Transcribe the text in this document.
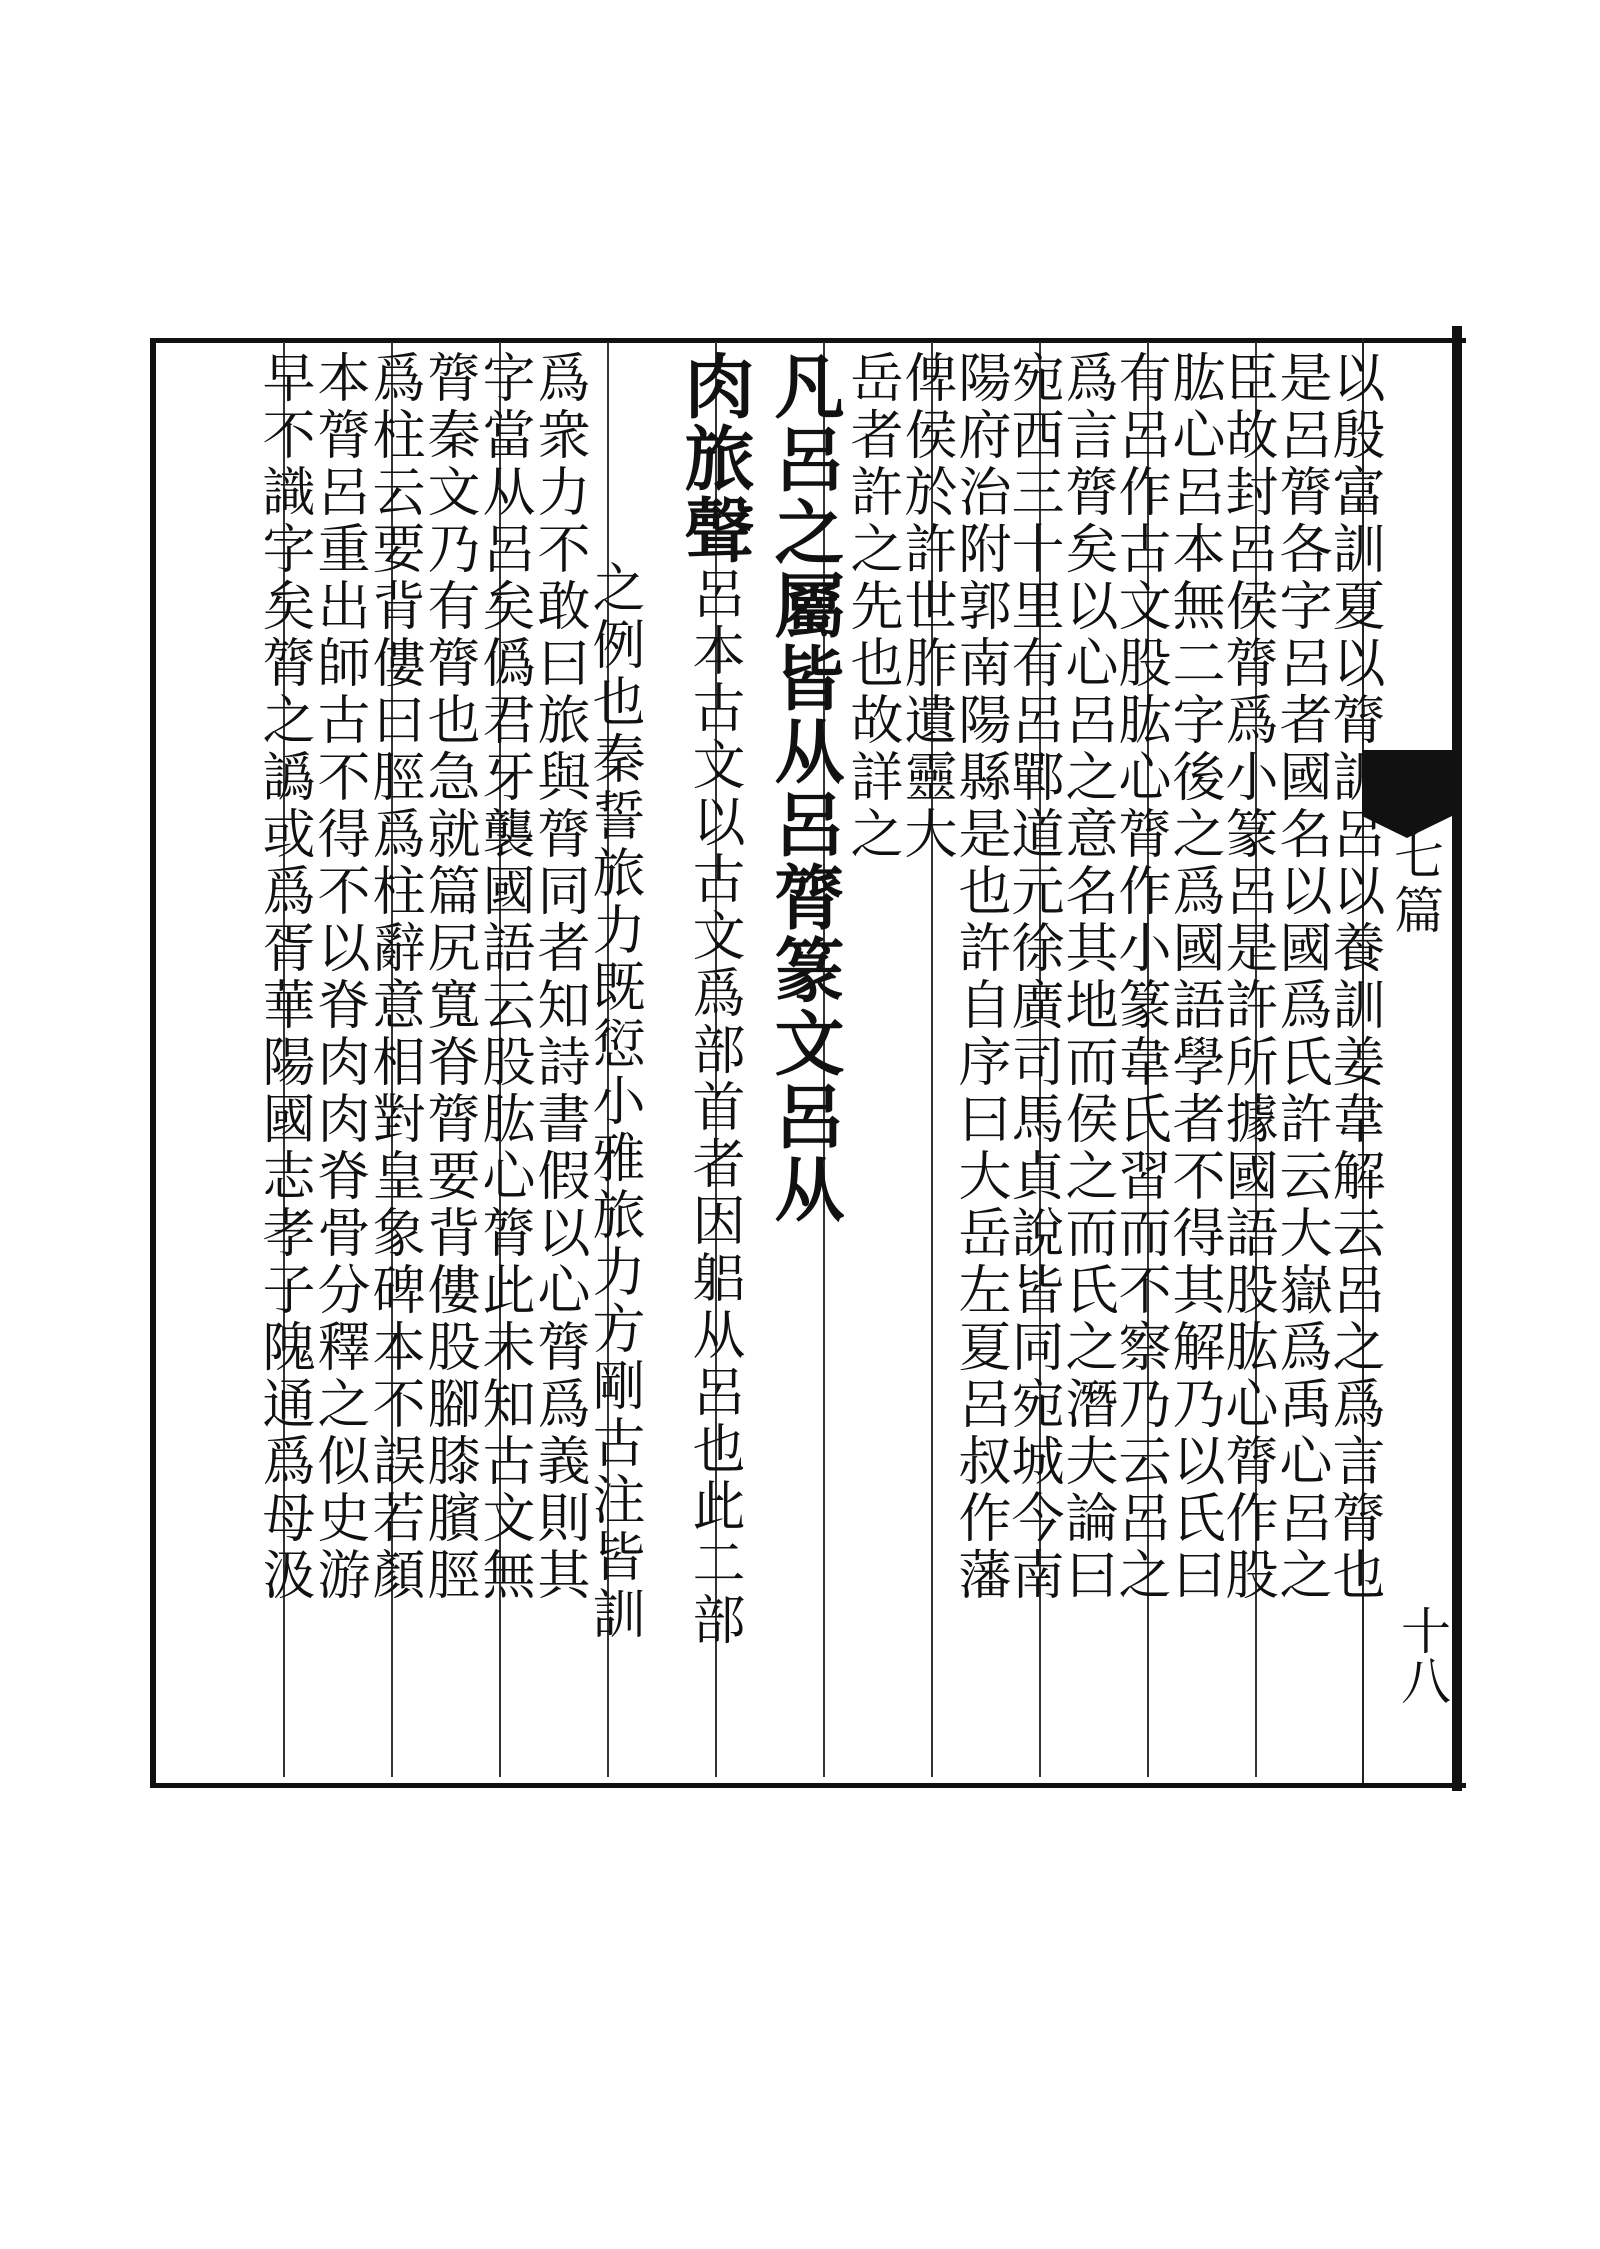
七篇
十八
以殷富訓夏以膂訓呂以養訓姜韋解云呂之爲言膂也
是呂膂各字呂者國名以國爲氏許云大嶽爲禹心呂之
臣故封呂侯膂爲小篆呂是許所據國語股肱心膂作股
肱心呂本無二字後之爲國語學者不得其解乃以氏曰
有呂作古文股肱心膂作小篆韋氏習而不察乃云呂之
爲言膂矣以心呂之意名其地而侯之而氏之潛夫論曰
宛西三十里有呂鄲道元徐廣司馬貞說皆同宛城今南
陽府治附郭南陽縣是也許自序曰大岳左夏呂叔作藩
俾侯於許世胙遺靈大
岳者許之先也故詳之
凡呂之屬皆从呂膂篆文呂从
肉旅聲呂本古文以古文爲部首者因躳从呂也此二部
之例也秦誓旅力既愆小雅旅力方剛古注皆訓
爲衆力不敢曰旅與膂同者知詩書假以心膂爲義則其
字當从呂矣僞君牙襲國語云股肱心膂此未知古文無
膂秦文乃有膂也急就篇尻寬脊膂要背僂股腳膝臏脛
爲柱云要背僂曰脛爲柱辭意相對皇象碑本不誤若顏
本膂呂重出師古不得不以脊肉肉脊骨分釋之似史游
早不識字矣膂之譌或爲胥華陽國志孝子隗通爲母汲
